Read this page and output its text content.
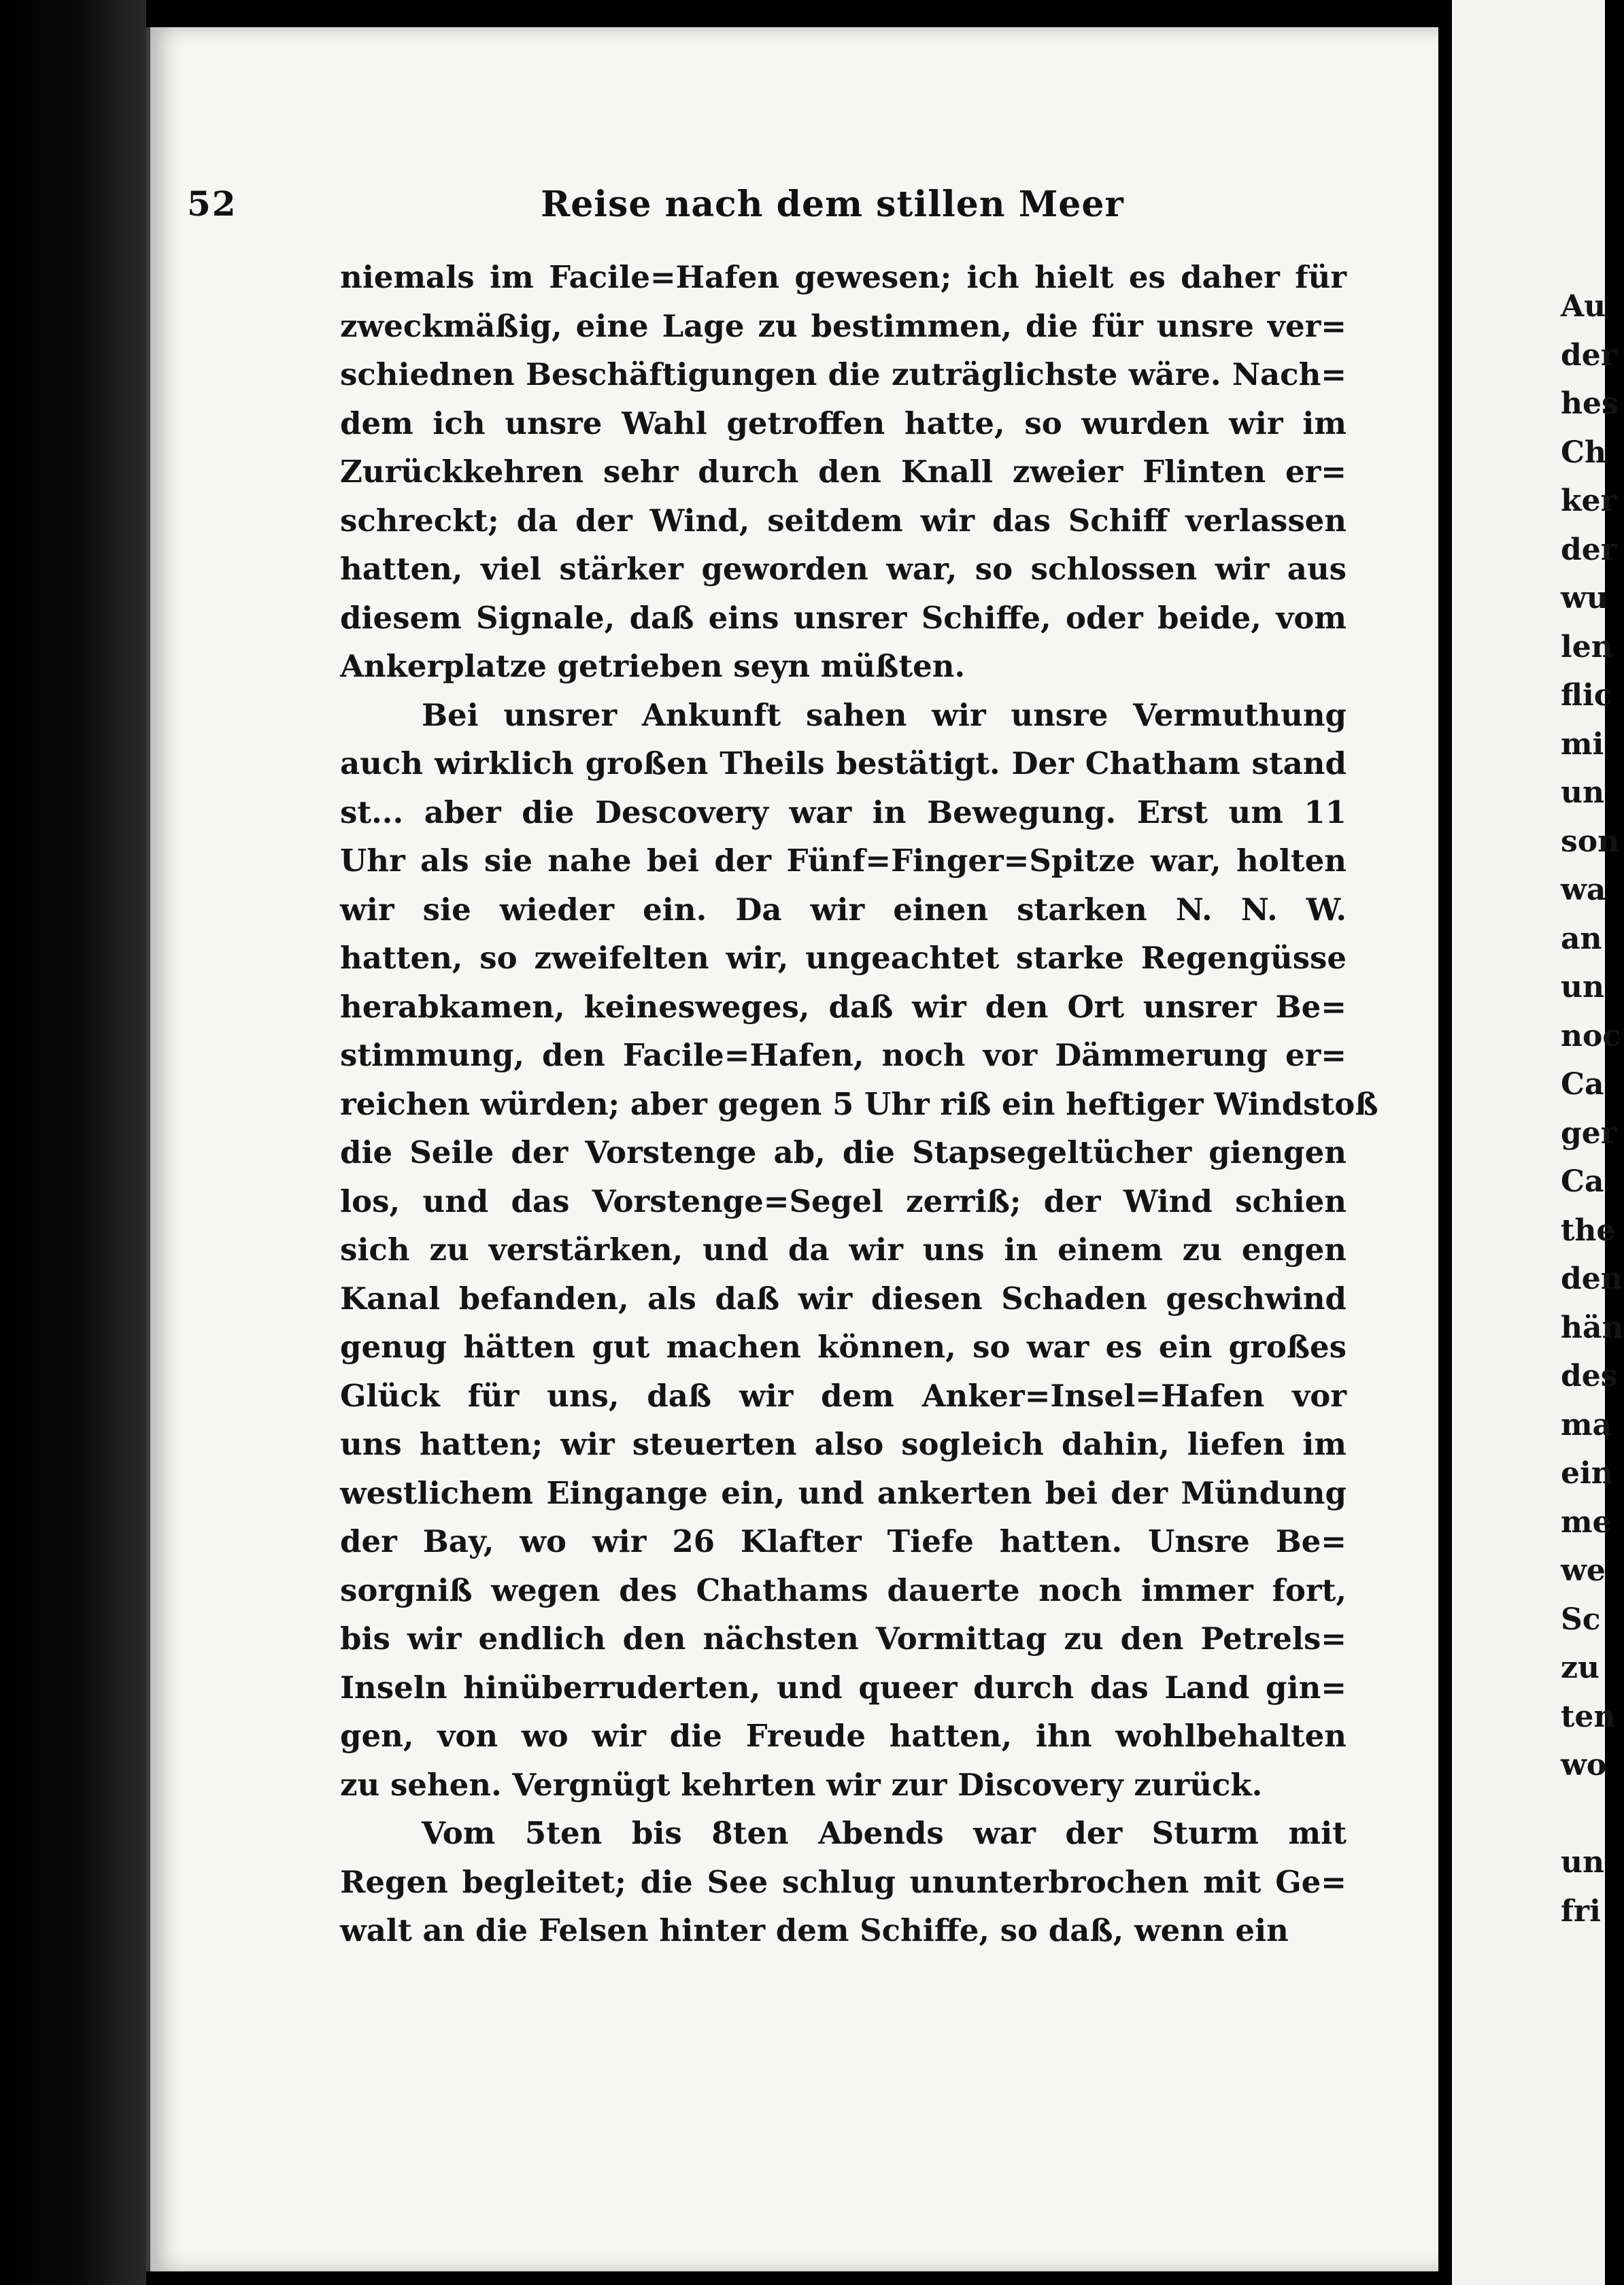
52	Reise nach dem stillen Meer
niemals im Facile=Hafen gewesen; ich hielt es daher für
zweckmäßig, eine Lage zu bestimmen, die für unsre ver=
schiednen Beschäftigungen die zuträglichste wäre. Nach=
dem ich unsre Wahl getroffen hatte, so wurden wir im
Zurückkehren sehr durch den Knall zweier Flinten er=
schreckt; da der Wind, seitdem wir das Schiff verlassen
hatten, viel stärker geworden war, so schlossen wir aus
diesem Signale, daß eins unsrer Schiffe, oder beide, vom
Ankerplatze getrieben seyn müßten.
Bei unsrer Ankunft sahen wir unsre Vermuthung
auch wirklich großen Theils bestätigt. Der Chatham stand
st... aber die Descovery war in Bewegung. Erst um 11
Uhr als sie nahe bei der Fünf=Finger=Spitze war, holten
wir sie wieder ein. Da wir einen starken N. N. W.
hatten, so zweifelten wir, ungeachtet starke Regengüsse
herabkamen, keinesweges, daß wir den Ort unsrer Be=
stimmung, den Facile=Hafen, noch vor Dämmerung er=
reichen würden; aber gegen 5 Uhr riß ein heftiger Windstoß
die Seile der Vorstenge ab, die Stapsegeltücher giengen
los, und das Vorstenge=Segel zerriß; der Wind schien
sich zu verstärken, und da wir uns in einem zu engen
Kanal befanden, als daß wir diesen Schaden geschwind
genug hätten gut machen können, so war es ein großes
Glück für uns, daß wir dem Anker=Insel=Hafen vor
uns hatten; wir steuerten also sogleich dahin, liefen im
westlichem Eingange ein, und ankerten bei der Mündung
der Bay, wo wir 26 Klafter Tiefe hatten. Unsre Be=
sorgniß wegen des Chathams dauerte noch immer fort,
bis wir endlich den nächsten Vormittag zu den Petrels=
Inseln hinüberruderten, und queer durch das Land gin=
gen, von wo wir die Freude hatten, ihn wohlbehalten
zu sehen. Vergnügt kehrten wir zur Discovery zurück.
Vom 5ten bis 8ten Abends war der Sturm mit
Regen begleitet; die See schlug ununterbrochen mit Ge=
walt an die Felsen hinter dem Schiffe, so daß, wenn ein
Au
der
hes
Ch
ker
der
wu
len
flic
mi
un
son
wa
an
un
noc
Ca
ger
Ca
the
den
hän
des
ma
ein
me
we
Sc
zu
ten
wo

un
fri
